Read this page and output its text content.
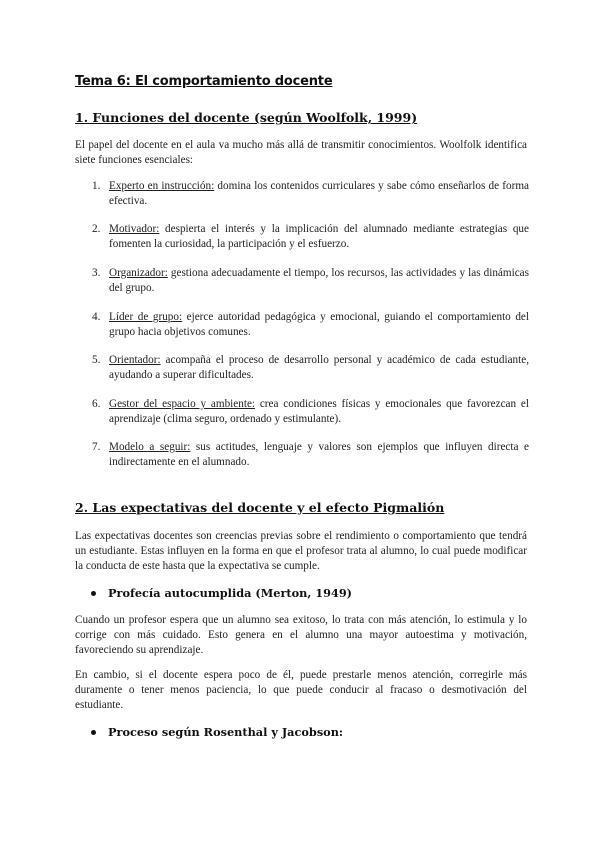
Tema 6: El comportamiento docente
1. Funciones del docente (según Woolfolk, 1999)
El papel del docente en el aula va mucho más allá de transmitir conocimientos. Woolfolk identifica siete funciones esenciales:
1. Experto en instrucción: domina los contenidos curriculares y sabe cómo enseñarlos de forma efectiva.
2. Motivador: despierta el interés y la implicación del alumnado mediante estrategias que fomenten la curiosidad, la participación y el esfuerzo.
3. Organizador: gestiona adecuadamente el tiempo, los recursos, las actividades y las dinámicas del grupo.
4. Líder de grupo: ejerce autoridad pedagógica y emocional, guiando el comportamiento del grupo hacia objetivos comunes.
5. Orientador: acompaña el proceso de desarrollo personal y académico de cada estudiante, ayudando a superar dificultades.
6. Gestor del espacio y ambiente: crea condiciones físicas y emocionales que favorezcan el aprendizaje (clima seguro, ordenado y estimulante).
7. Modelo a seguir: sus actitudes, lenguaje y valores son ejemplos que influyen directa e indirectamente en el alumnado.
2. Las expectativas del docente y el efecto Pigmalión
Las expectativas docentes son creencias previas sobre el rendimiento o comportamiento que tendrá un estudiante. Estas influyen en la forma en que el profesor trata al alumno, lo cual puede modificar la conducta de este hasta que la expectativa se cumple.
Profecía autocumplida (Merton, 1949)
Cuando un profesor espera que un alumno sea exitoso, lo trata con más atención, lo estimula y lo corrige con más cuidado. Esto genera en el alumno una mayor autoestima y motivación, favoreciendo su aprendizaje.
En cambio, si el docente espera poco de él, puede prestarle menos atención, corregirle más duramente o tener menos paciencia, lo que puede conducir al fracaso o desmotivación del estudiante.
Proceso según Rosenthal y Jacobson:
